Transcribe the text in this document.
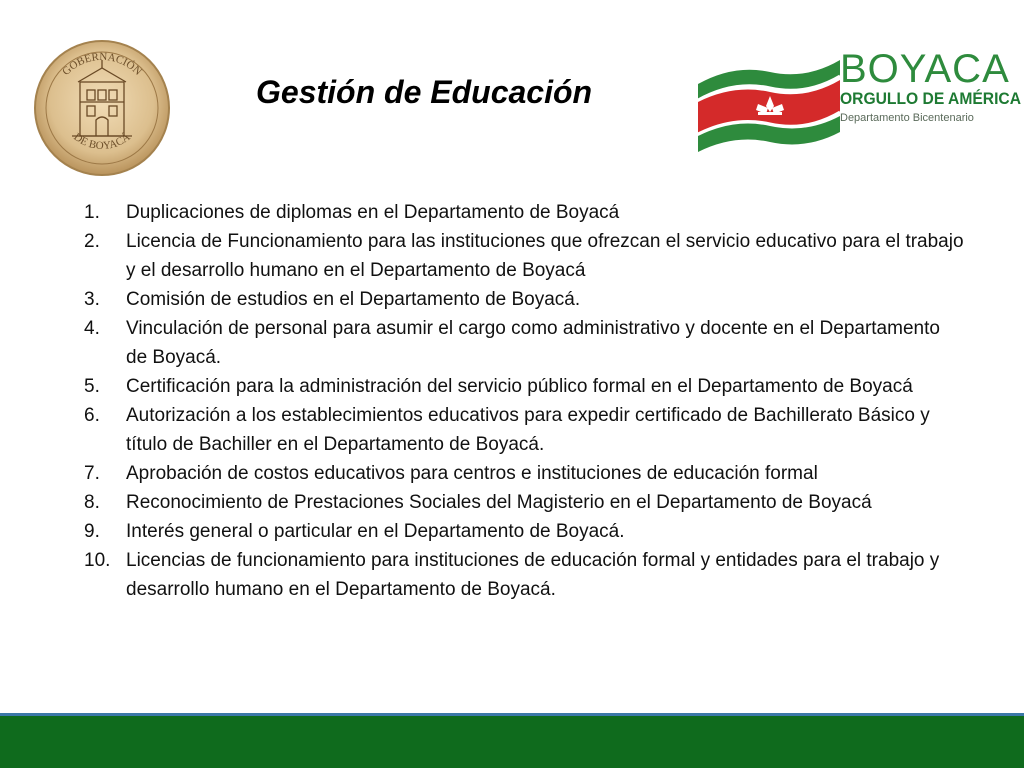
GOBERNACIÓN
DE BOYACÁ
Gestión de Educación
BOYACA
ORGULLO DE AMÉRICA
Departamento Bicentenario
1.	Duplicaciones de diplomas en el Departamento de Boyacá
2.	Licencia de Funcionamiento para las instituciones que ofrezcan el servicio educativo para el trabajo y el desarrollo humano en el Departamento de Boyacá
3.	Comisión de estudios en el Departamento de Boyacá.
4.	Vinculación de personal para asumir el cargo como administrativo y docente en el Departamento de Boyacá.
5.	Certificación para la administración del servicio público formal en el Departamento de Boyacá
6.	Autorización a los establecimientos educativos para expedir certificado de Bachillerato Básico y título de Bachiller en el Departamento de Boyacá.
7.	Aprobación de costos educativos para centros e instituciones de educación formal
8.	Reconocimiento de Prestaciones Sociales del Magisterio en el Departamento de Boyacá
9.	Interés general o particular en el Departamento de Boyacá.
10. Licencias de funcionamiento para instituciones de educación formal y entidades para el trabajo y desarrollo humano en el Departamento de Boyacá.
